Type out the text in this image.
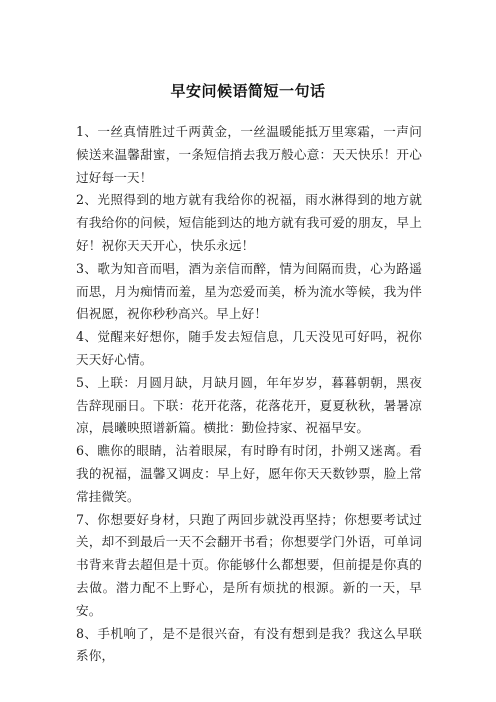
早安问候语简短一句话

1、一丝真情胜过千两黄金，一丝温暖能抵万里寒霜，一声问候送来温馨甜蜜，一条短信捎去我万般心意：天天快乐！开心过好每一天！

2、光照得到的地方就有我给你的祝福，雨水淋得到的地方就有我给你的问候，短信能到达的地方就有我可爱的朋友，早上好！祝你天天开心，快乐永远！

3、歌为知音而唱，酒为亲信而醉，情为间隔而贵，心为路遥而思，月为痴情而羞，星为恋爱而美，桥为流水等候，我为伴侣祝愿，祝你秒秒高兴。早上好！

4、觉醒来好想你，随手发去短信息，几天没见可好吗，祝你天天好心情。

5、上联：月圆月缺，月缺月圆，年年岁岁，暮暮朝朝，黑夜告辞现丽日。下联：花开花落，花落花开，夏夏秋秋，暑暑凉凉，晨曦映照谱新篇。横批：勤俭持家、祝福早安。

6、瞧你的眼睛，沾着眼屎，有时睁有时闭，扑朔又迷离。看我的祝福，温馨又调皮：早上好，愿年你天天数钞票，脸上常常挂微笑。

7、你想要好身材，只跑了两回步就没再坚持；你想要考试过关，却不到最后一天不会翻开书看；你想要学门外语，可单词书背来背去超但是十页。你能够什么都想要，但前提是你真的去做。潜力配不上野心，是所有烦扰的根源。新的一天，早安。

8、手机响了，是不是很兴奋，有没有想到是我？我这么早联系你，
